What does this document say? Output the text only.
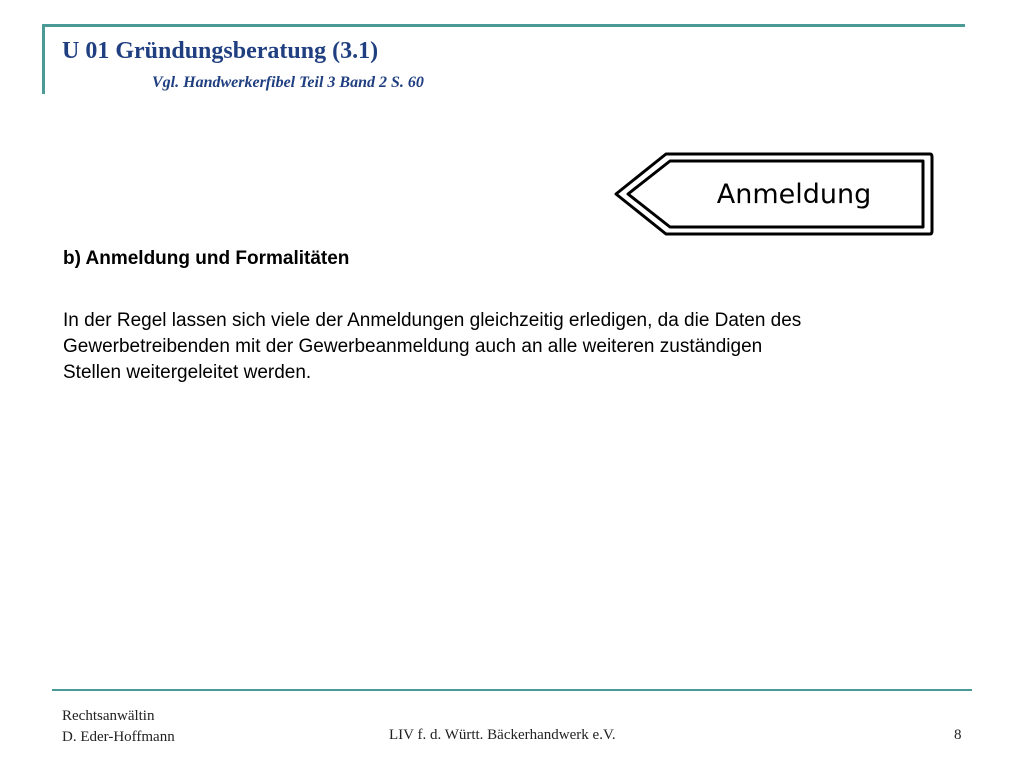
U 01 Gründungsberatung (3.1)
Vgl. Handwerkerfibel Teil 3 Band 2 S. 60
Anmeldung
b) Anmeldung und Formalitäten
In der Regel lassen sich viele der Anmeldungen gleichzeitig erledigen, da die Daten des
Gewerbetreibenden mit der Gewerbeanmeldung auch an alle weiteren zuständigen
Stellen weitergeleitet werden.
Rechtsanwältin
D. Eder-Hoffmann	LIV f. d. Württ. Bäckerhandwerk e.V.	8
